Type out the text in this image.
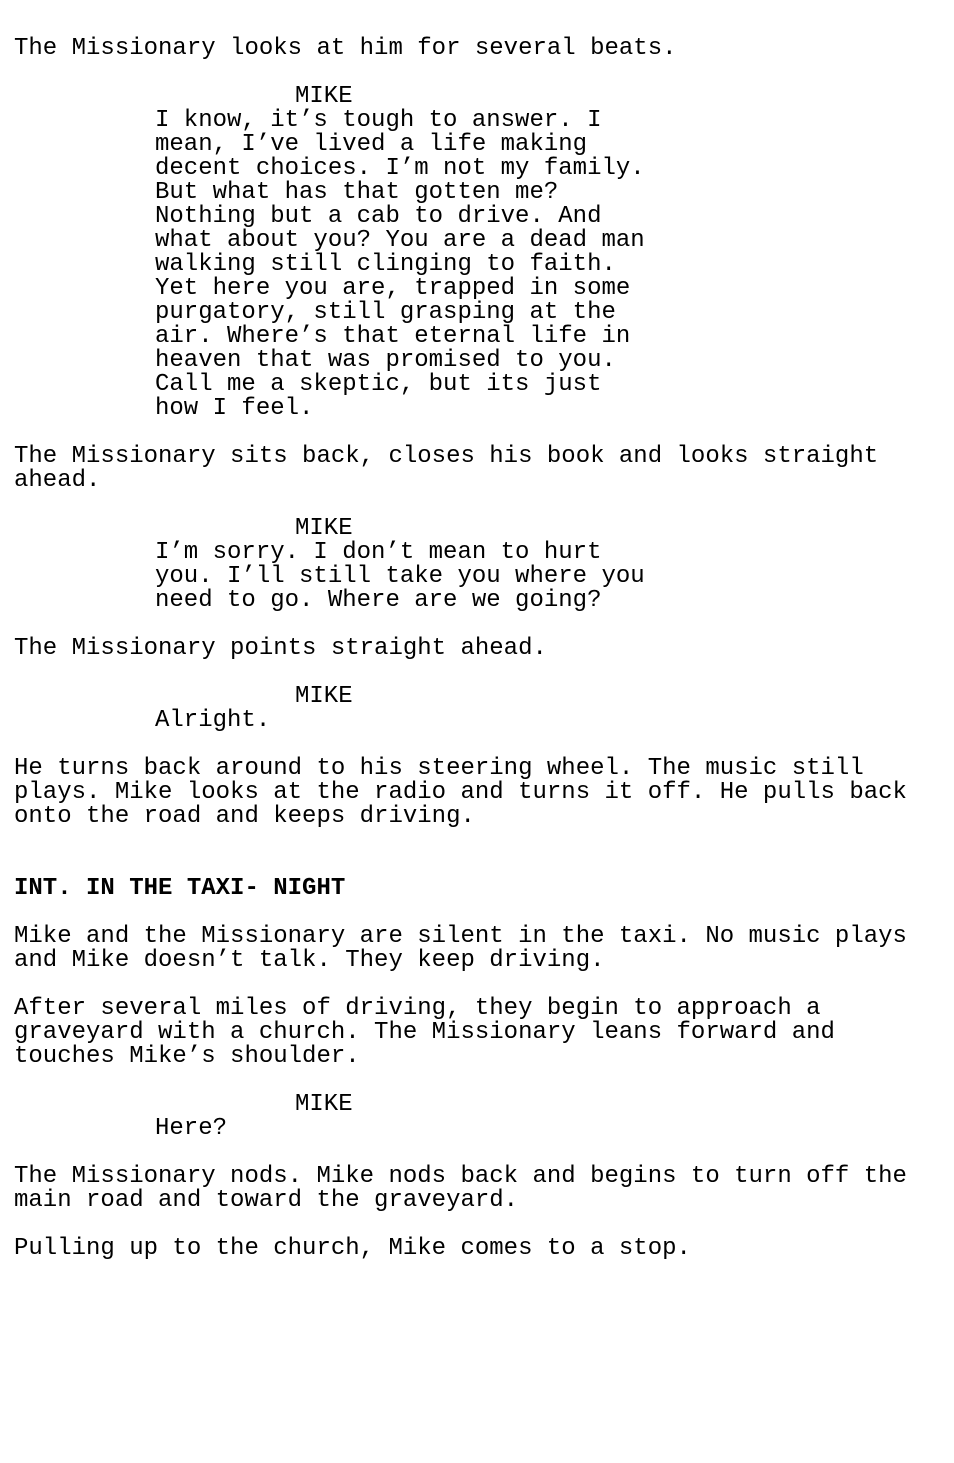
The Missionary looks at him for several beats.
MIKE
I know, it’s tough to answer. I
mean, I’ve lived a life making
decent choices. I’m not my family.
But what has that gotten me?
Nothing but a cab to drive. And
what about you? You are a dead man
walking still clinging to faith.
Yet here you are, trapped in some
purgatory, still grasping at the
air. Where’s that eternal life in
heaven that was promised to you.
Call me a skeptic, but its just
how I feel.
The Missionary sits back, closes his book and looks straight
ahead.
MIKE
I’m sorry. I don’t mean to hurt
you. I’ll still take you where you
need to go. Where are we going?
The Missionary points straight ahead.
MIKE
Alright.
He turns back around to his steering wheel. The music still
plays. Mike looks at the radio and turns it off. He pulls back
onto the road and keeps driving.
INT. IN THE TAXI- NIGHT
Mike and the Missionary are silent in the taxi. No music plays
and Mike doesn’t talk. They keep driving.
After several miles of driving, they begin to approach a
graveyard with a church. The Missionary leans forward and
touches Mike’s shoulder.
MIKE
Here?
The Missionary nods. Mike nods back and begins to turn off the
main road and toward the graveyard.
Pulling up to the church, Mike comes to a stop.
